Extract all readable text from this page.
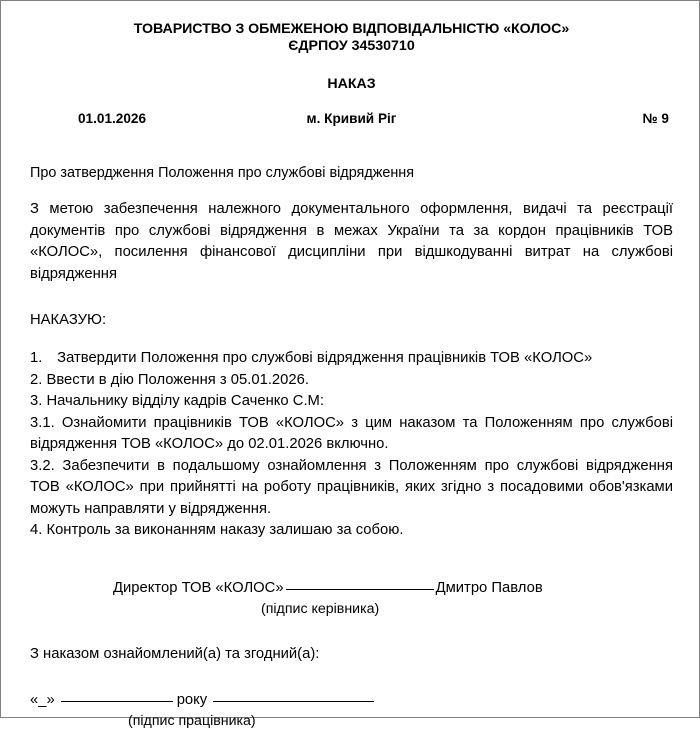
ТОВАРИСТВО З ОБМЕЖЕНОЮ ВІДПОВІДАЛЬНІСТЮ «КОЛОС»
ЄДРПОУ 34530710
НАКАЗ
01.01.2026	м. Кривий Ріг	№ 9
Про затвердження Положення про службові відрядження
З метою забезпечення належного документального оформлення, видачі та реєстрації документів про службові відрядження в межах України та за кордон працівників ТОВ «КОЛОС», посилення фінансової дисципліни при відшкодуванні витрат на службові відрядження
НАКАЗУЮ:
1. Затвердити Положення про службові відрядження працівників ТОВ «КОЛОС»
2. Ввести в дію Положення з 05.01.2026.
3. Начальнику відділу кадрів Саченко С.М:
3.1. Ознайомити працівників ТОВ «КОЛОС» з цим наказом та Положенням про службові відрядження ТОВ «КОЛОС» до 02.01.2026 включно.
3.2. Забезпечити в подальшому ознайомлення з Положенням про службові відрядження ТОВ «КОЛОС» при прийнятті на роботу працівників, яких згідно з посадовими обов'язками можуть направляти у відрядження.
4. Контроль за виконанням наказу залишаю за собою.
Директор ТОВ «КОЛОС»	Дмитро Павлов
(підпис керівника)
З наказом ознайомлений(а) та згодний(а):
«_»	року
(підпис працівника)
